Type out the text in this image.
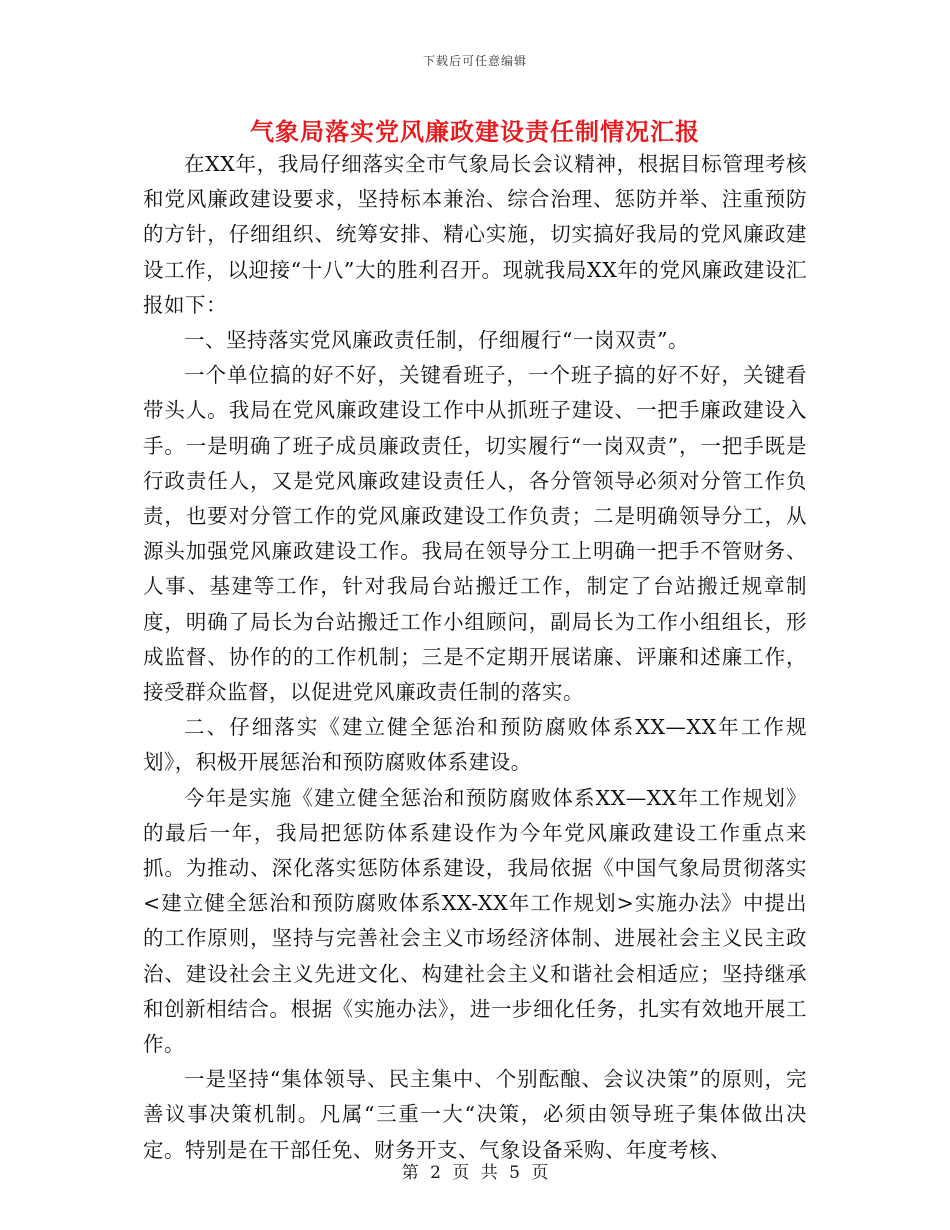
下载后可任意编辑
气象局落实党风廉政建设责任制情况汇报

在XX年，我局仔细落实全市气象局长会议精神，根据目标管理考核和党风廉政建设要求，坚持标本兼治、综合治理、惩防并举、注重预防的方针，仔细组织、统筹安排、精心实施，切实搞好我局的党风廉政建设工作，以迎接“十八”大的胜利召开。现就我局XX年的党风廉政建设汇报如下：

一、坚持落实党风廉政责任制，仔细履行“一岗双责”。

一个单位搞的好不好，关键看班子，一个班子搞的好不好，关键看带头人。我局在党风廉政建设工作中从抓班子建设、一把手廉政建设入手。一是明确了班子成员廉政责任，切实履行“一岗双责”，一把手既是行政责任人，又是党风廉政建设责任人，各分管领导必须对分管工作负责，也要对分管工作的党风廉政建设工作负责；二是明确领导分工，从源头加强党风廉政建设工作。我局在领导分工上明确一把手不管财务、人事、基建等工作，针对我局台站搬迁工作，制定了台站搬迁规章制度，明确了局长为台站搬迁工作小组顾问，副局长为工作小组组长，形成监督、协作的的工作机制；三是不定期开展诺廉、评廉和述廉工作，接受群众监督，以促进党风廉政责任制的落实。

二、仔细落实《建立健全惩治和预防腐败体系XX—XX年工作规划》，积极开展惩治和预防腐败体系建设。

今年是实施《建立健全惩治和预防腐败体系XX—XX年工作规划》的最后一年，我局把惩防体系建设作为今年党风廉政建设工作重点来抓。为推动、深化落实惩防体系建设，我局依据《中国气象局贯彻落实<建立健全惩治和预防腐败体系XX-XX年工作规划>实施办法》中提出的工作原则，坚持与完善社会主义市场经济体制、进展社会主义民主政治、建设社会主义先进文化、构建社会主义和谐社会相适应；坚持继承和创新相结合。根据《实施办法》，进一步细化任务，扎实有效地开展工作。

一是坚持“集体领导、民主集中、个别酝酿、会议决策”的原则，完善议事决策机制。凡属“三重一大“决策，必须由领导班子集体做出决定。特别是在干部任免、财务开支、气象设备采购、年度考核、

第 2 页 共 5 页
